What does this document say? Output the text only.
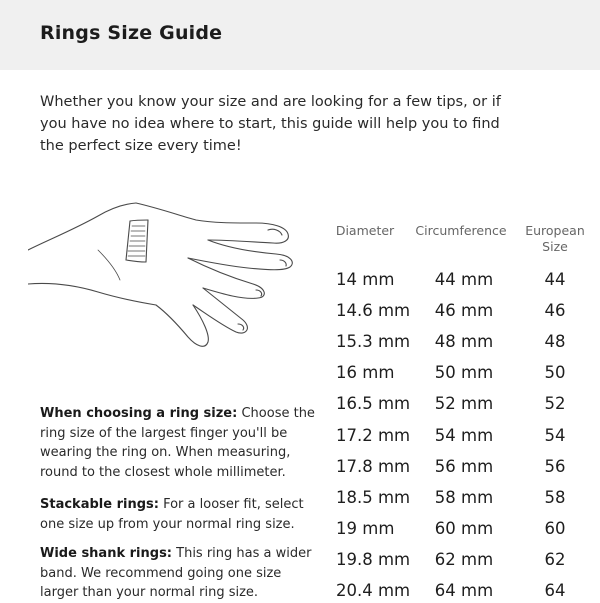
Rings Size Guide
Whether you know your size and are looking for a few tips, or if
you have no idea where to start, this guide will help you to find
the perfect size every time!
Diameter	Circumference	European
Size
14 mm	44 mm	44
14.6 mm	46 mm	46
15.3 mm	48 mm	48
16 mm	50 mm	50
16.5 mm	52 mm	52
17.2 mm	54 mm	54
17.8 mm	56 mm	56
18.5 mm	58 mm	58
19 mm	60 mm	60
19.8 mm	62 mm	62
20.4 mm	64 mm	64
When choosing a ring size: Choose the
ring size of the largest finger you'll be
wearing the ring on. When measuring,
round to the closest whole millimeter.
Stackable rings: For a looser fit, select
one size up from your normal ring size.
Wide shank rings: This ring has a wider
band. We recommend going one size
larger than your normal ring size.
